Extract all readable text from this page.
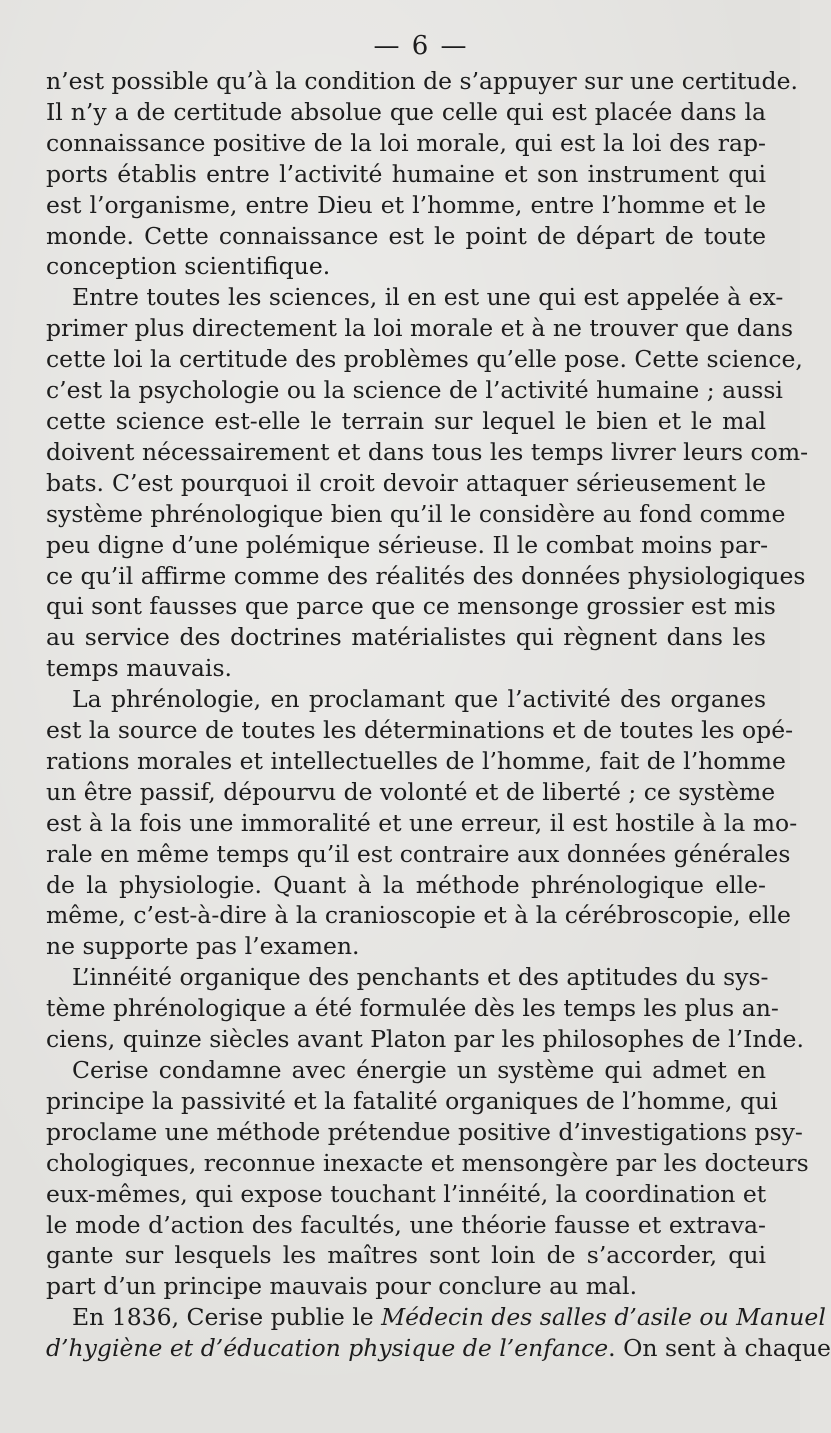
— 6 —

n’est possible qu’à la condition de s’appuyer sur une certitude.
Il n’y a de certitude absolue que celle qui est placée dans la
connaissance positive de la loi morale, qui est la loi des rap-
ports établis entre l’activité humaine et son instrument qui
est l’organisme, entre Dieu et l’homme, entre l’homme et le
monde. Cette connaissance est le point de départ de toute
conception scientifique.

Entre toutes les sciences, il en est une qui est appelée à ex-
primer plus directement la loi morale et à ne trouver que dans
cette loi la certitude des problèmes qu’elle pose. Cette science,
c’est la psychologie ou la science de l’activité humaine ; aussi
cette science est-elle le terrain sur lequel le bien et le mal
doivent nécessairement et dans tous les temps livrer leurs com-
bats. C’est pourquoi il croit devoir attaquer sérieusement le
système phrénologique bien qu’il le considère au fond comme
peu digne d’une polémique sérieuse. Il le combat moins par-
ce qu’il affirme comme des réalités des données physiologiques
qui sont fausses que parce que ce mensonge grossier est mis
au service des doctrines matérialistes qui règnent dans les
temps mauvais.

La phrénologie, en proclamant que l’activité des organes
est la source de toutes les déterminations et de toutes les opé-
rations morales et intellectuelles de l’homme, fait de l’homme
un être passif, dépourvu de volonté et de liberté ; ce système
est à la fois une immoralité et une erreur, il est hostile à la mo-
rale en même temps qu’il est contraire aux données générales
de la physiologie. Quant à la méthode phrénologique elle-
même, c’est-à-dire à la cranioscopie et à la cérébroscopie, elle
ne supporte pas l’examen.

L’innéité organique des penchants et des aptitudes du sys-
tème phrénologique a été formulée dès les temps les plus an-
ciens, quinze siècles avant Platon par les philosophes de l’Inde.

Cerise condamne avec énergie un système qui admet en
principe la passivité et la fatalité organiques de l’homme, qui
proclame une méthode prétendue positive d’investigations psy-
chologiques, reconnue inexacte et mensongère par les docteurs
eux-mêmes, qui expose touchant l’innéité, la coordination et
le mode d’action des facultés, une théorie fausse et extrava-
gante sur lesquels les maîtres sont loin de s’accorder, qui
part d’un principe mauvais pour conclure au mal.

En 1836, Cerise publie le Médecin des salles d’asile ou Manuel
d’hygiène et d’éducation physique de l’enfance. On sent à chaque
